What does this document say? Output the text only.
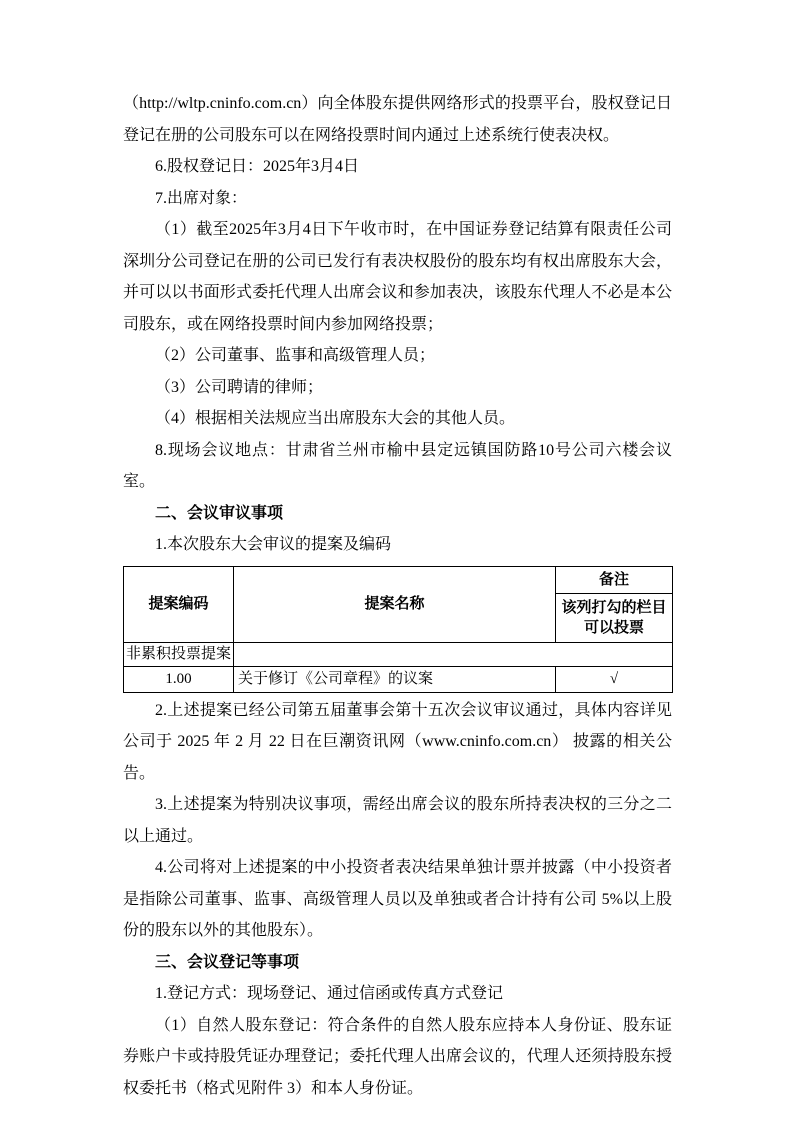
（http://wltp.cninfo.com.cn）向全体股东提供网络形式的投票平台，股权登记日登记在册的公司股东可以在网络投票时间内通过上述系统行使表决权。

6.股权登记日：2025年3月4日

7.出席对象：

（1）截至2025年3月4日下午收市时，在中国证券登记结算有限责任公司深圳分公司登记在册的公司已发行有表决权股份的股东均有权出席股东大会，并可以以书面形式委托代理人出席会议和参加表决，该股东代理人不必是本公司股东，或在网络投票时间内参加网络投票；

（2）公司董事、监事和高级管理人员；

（3）公司聘请的律师；

（4）根据相关法规应当出席股东大会的其他人员。

8.现场会议地点：甘肃省兰州市榆中县定远镇国防路10号公司六楼会议室。

二、会议审议事项

1.本次股东大会审议的提案及编码

提案编码	提案名称	备注
		该列打勾的栏目可以投票
非累积投票提案		
1.00	关于修订《公司章程》的议案	√

2.上述提案已经公司第五届董事会第十五次会议审议通过，具体内容详见公司于 2025 年 2 月 22 日在巨潮资讯网（www.cninfo.com.cn） 披露的相关公告。

3.上述提案为特别决议事项，需经出席会议的股东所持表决权的三分之二以上通过。

4.公司将对上述提案的中小投资者表决结果单独计票并披露（中小投资者是指除公司董事、监事、高级管理人员以及单独或者合计持有公司 5%以上股份的股东以外的其他股东）。

三、会议登记等事项

1.登记方式：现场登记、通过信函或传真方式登记

（1）自然人股东登记：符合条件的自然人股东应持本人身份证、股东证券账户卡或持股凭证办理登记；委托代理人出席会议的，代理人还须持股东授权委托书（格式见附件 3）和本人身份证。
